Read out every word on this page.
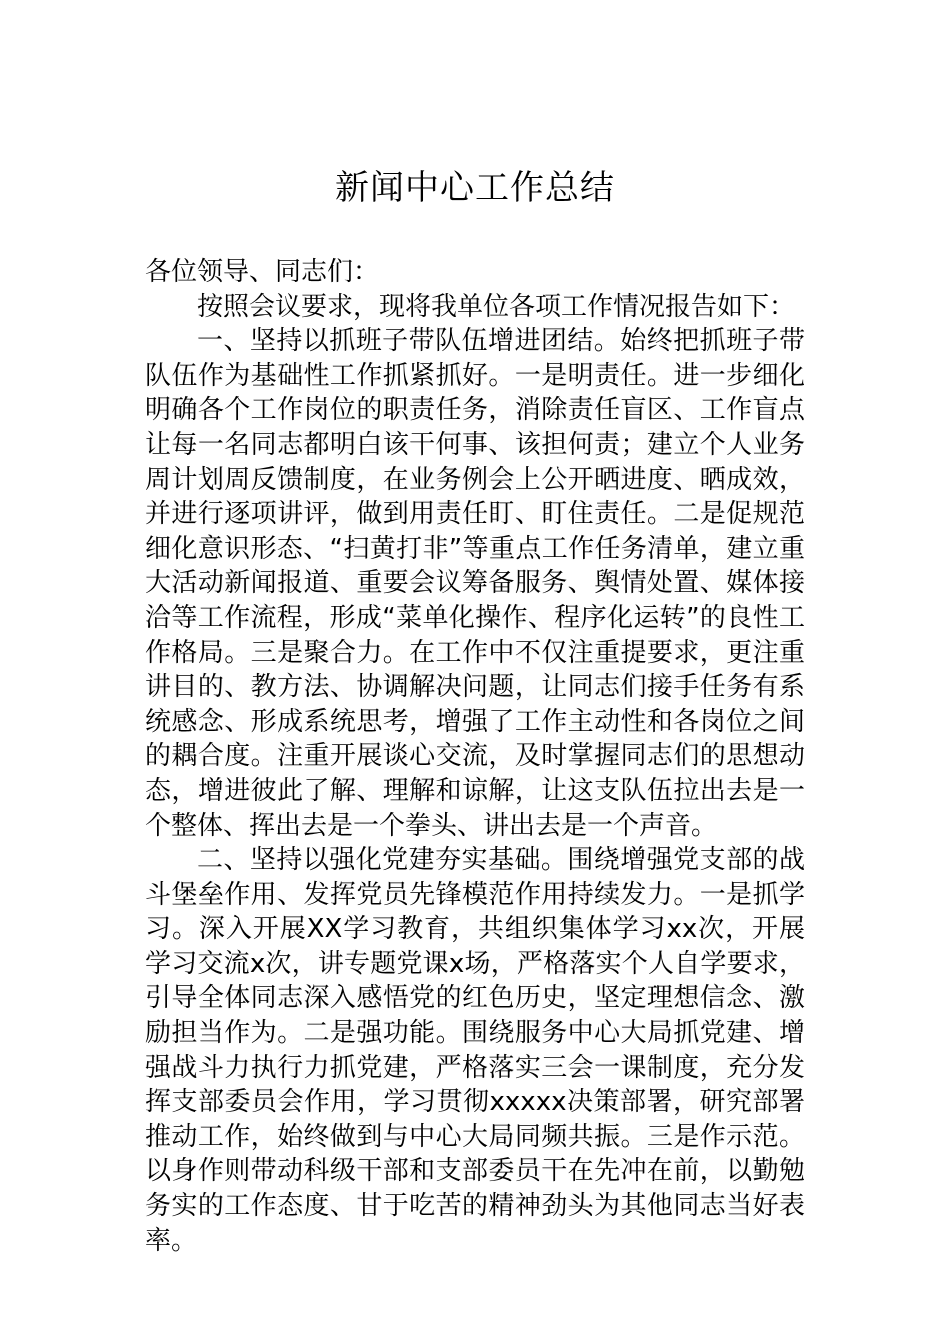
新闻中心工作总结

各位领导、同志们：

按照会议要求，现将我单位各项工作情况报告如下：

一、坚持以抓班子带队伍增进团结。始终把抓班子带队伍作为基础性工作抓紧抓好。一是明责任。进一步细化明确各个工作岗位的职责任务，消除责任盲区、工作盲点让每一名同志都明白该干何事、该担何责；建立个人业务周计划周反馈制度，在业务例会上公开晒进度、晒成效，并进行逐项讲评，做到用责任盯、盯住责任。二是促规范细化意识形态、“扫黄打非”等重点工作任务清单，建立重大活动新闻报道、重要会议筹备服务、舆情处置、媒体接洽等工作流程，形成“菜单化操作、程序化运转”的良性工作格局。三是聚合力。在工作中不仅注重提要求，更注重讲目的、教方法、协调解决问题，让同志们接手任务有系统感念、形成系统思考，增强了工作主动性和各岗位之间的耦合度。注重开展谈心交流，及时掌握同志们的思想动态，增进彼此了解、理解和谅解，让这支队伍拉出去是一个整体、挥出去是一个拳头、讲出去是一个声音。

二、坚持以强化党建夯实基础。围绕增强党支部的战斗堡垒作用、发挥党员先锋模范作用持续发力。一是抓学习。深入开展XX学习教育，共组织集体学习xx次，开展学习交流x次，讲专题党课x场，严格落实个人自学要求，引导全体同志深入感悟党的红色历史，坚定理想信念、激励担当作为。二是强功能。围绕服务中心大局抓党建、增强战斗力执行力抓党建，严格落实三会一课制度，充分发挥支部委员会作用，学习贯彻xxxxx决策部署，研究部署推动工作，始终做到与中心大局同频共振。三是作示范。以身作则带动科级干部和支部委员干在先冲在前，以勤勉务实的工作态度、甘于吃苦的精神劲头为其他同志当好表率。
